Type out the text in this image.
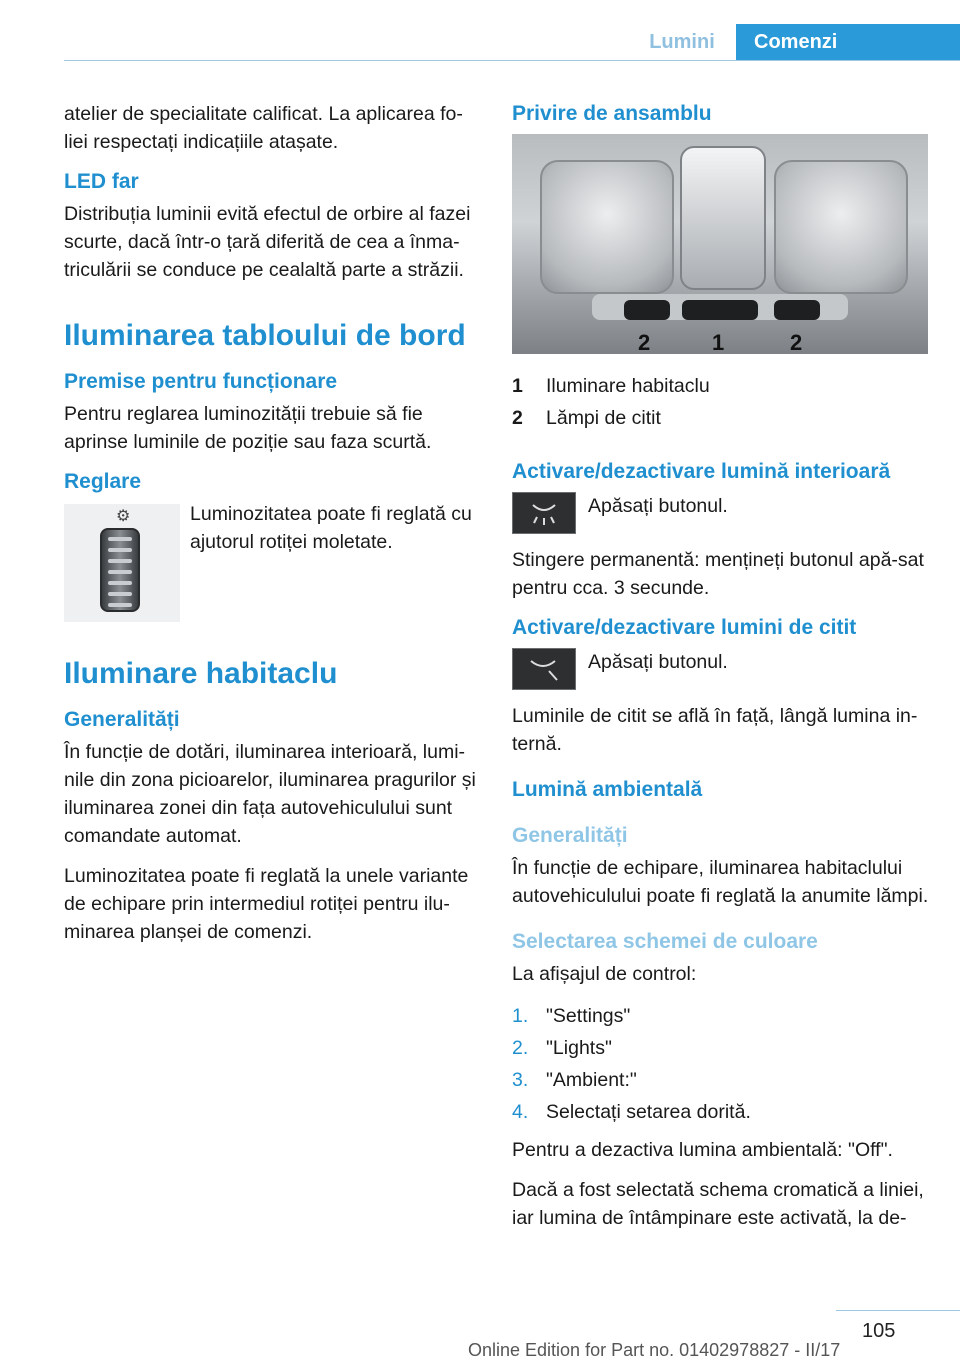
Lumini	Comenzi

atelier de specialitate calificat. La aplicarea fo-liei respectați indicațiile atașate.

LED far

Distribuția luminii evită efectul de orbire al fazei scurte, dacă într-o țară diferită de cea a înma-triculării se conduce pe cealaltă parte a străzii.

Iluminarea tabloului de bord
Premise pentru funcționare

Pentru reglarea luminozității trebuie să fie aprinse luminile de poziție sau faza scurtă.

Reglare
⚙	Luminozitatea poate fi reglată cu ajutorul rotiței moletate.

Iluminare habitaclu
Generalități

În funcție de dotări, iluminarea interioară, lumi-nile din zona picioarelor, iluminarea pragurilor și iluminarea zonei din fața autovehiculului sunt comandate automat.

Luminozitatea poate fi reglată la unele variante de echipare prin intermediul rotiței pentru ilu-minarea planșei de comenzi.

Privire de ansamblu
2	1	2
1	Iluminare habitaclu
2	Lămpi de citit
Activare/dezactivare lumină interioară

Apăsați butonul.

Stingere permanentă: mențineți butonul apă-sat pentru cca. 3 secunde.

Activare/dezactivare lumini de citit

Apăsați butonul.

Luminile de citit se află în față, lângă lumina in-ternă.

Lumină ambientală
Generalități

În funcție de echipare, iluminarea habitaclului autovehiculului poate fi reglată la anumite lămpi.

Selectarea schemei de culoare

La afișajul de control:

1. "Settings"
2. "Lights"
3. "Ambient:"
4. Selectați setarea dorită.

Pentru a dezactiva lumina ambientală: "Off".

Dacă a fost selectată schema cromatică a liniei, iar lumina de întâmpinare este activată, la de-

105
Online Edition for Part no. 01402978827 - II/17
